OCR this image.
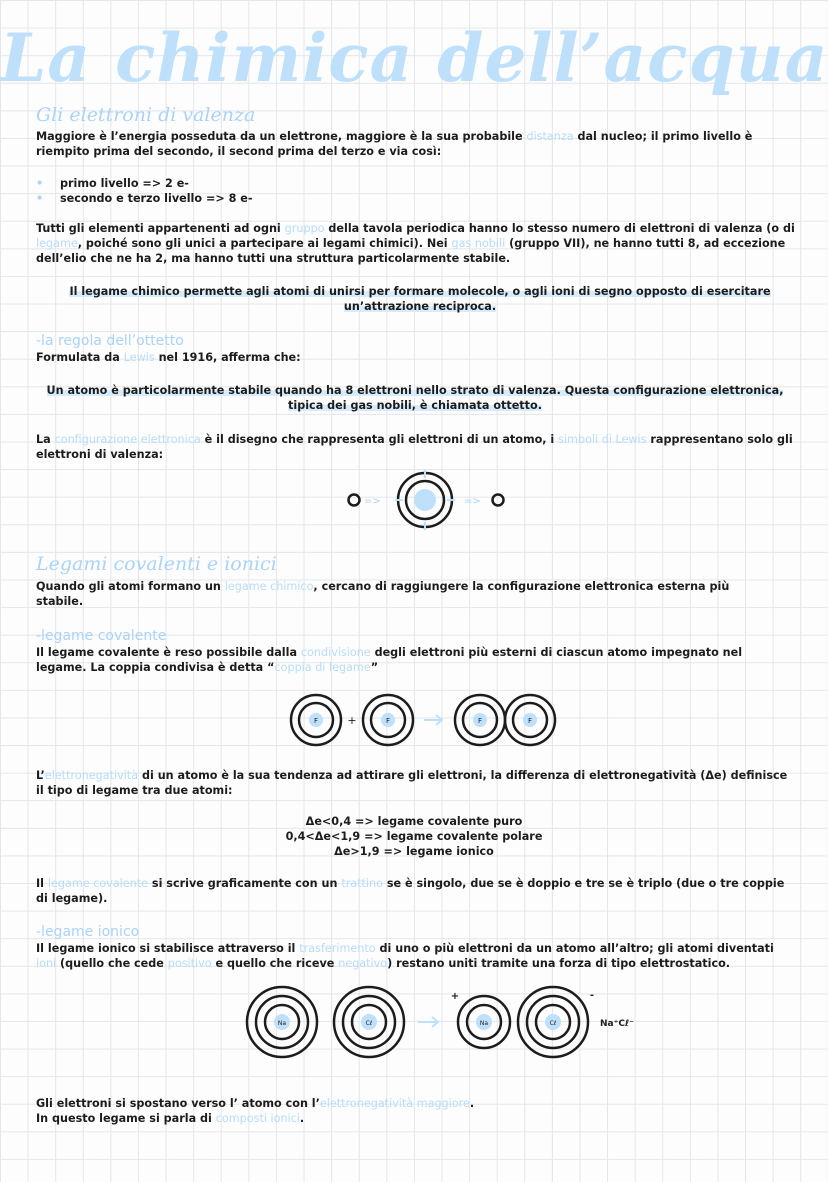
La chimica dell’acqua
Gli elettroni di valenza
Maggiore è l’energia posseduta da un elettrone, maggiore è la sua probabile distanza dal nucleo; il primo livello è riempito prima del secondo, il second prima del terzo e via così:
• primo livello => 2 e-
• secondo e terzo livello => 8 e-
Tutti gli elementi appartenenti ad ogni gruppo della tavola periodica hanno lo stesso numero di elettroni di valenza (o di legame, poiché sono gli unici a partecipare ai legami chimici). Nei gas nobili (gruppo VII), ne hanno tutti 8, ad eccezione dell’elio che ne ha 2, ma hanno tutti una struttura particolarmente stabile.
Il legame chimico permette agli atomi di unirsi per formare molecole, o agli ioni di segno opposto di esercitare un’attrazione reciproca.
-la regola dell’ottetto
Formulata da Lewis nel 1916, afferma che:
Un atomo è particolarmente stabile quando ha 8 elettroni nello strato di valenza. Questa configurazione elettronica, tipica dei gas nobili, è chiamata ottetto.
La configurazione elettronica è il disegno che rappresenta gli elettroni di un atomo, i simboli di Lewis rappresentano solo gli elettroni di valenza:
=>	=>
Legami covalenti e ionici
Quando gli atomi formano un legame chimico, cercano di raggiungere la configurazione elettronica esterna più stabile.
-legame covalente
Il legame covalente è reso possibile dalla condivisione degli elettroni più esterni di ciascun atomo impegnato nel legame. La coppia condivisa è detta “coppia di legame”
F	+	F	F	F
L’elettronegatività di un atomo è la sua tendenza ad attirare gli elettroni, la differenza di elettronegatività (Δe) definisce il tipo di legame tra due atomi:
Δe<0,4 => legame covalente puro
0,4<Δe<1,9 => legame covalente polare
Δe>1,9 => legame ionico
Il legame covalente si scrive graficamente con un trattino se è singolo, due se è doppio e tre se è triplo (due o tre coppie di legame).
-legame ionico
Il legame ionico si stabilisce attraverso il trasferimento di uno o più elettroni da un atomo all’altro; gli atomi diventati ioni (quello che cede positivo e quello che riceve negativo) restano uniti tramite una forza di tipo elettrostatico.
Na	Cℓ
+
Na
-
Cℓ	Na⁺Cℓ⁻
Gli elettroni si spostano verso l’ atomo con l’elettronegatività maggiore.
In questo legame si parla di composti ionici.
